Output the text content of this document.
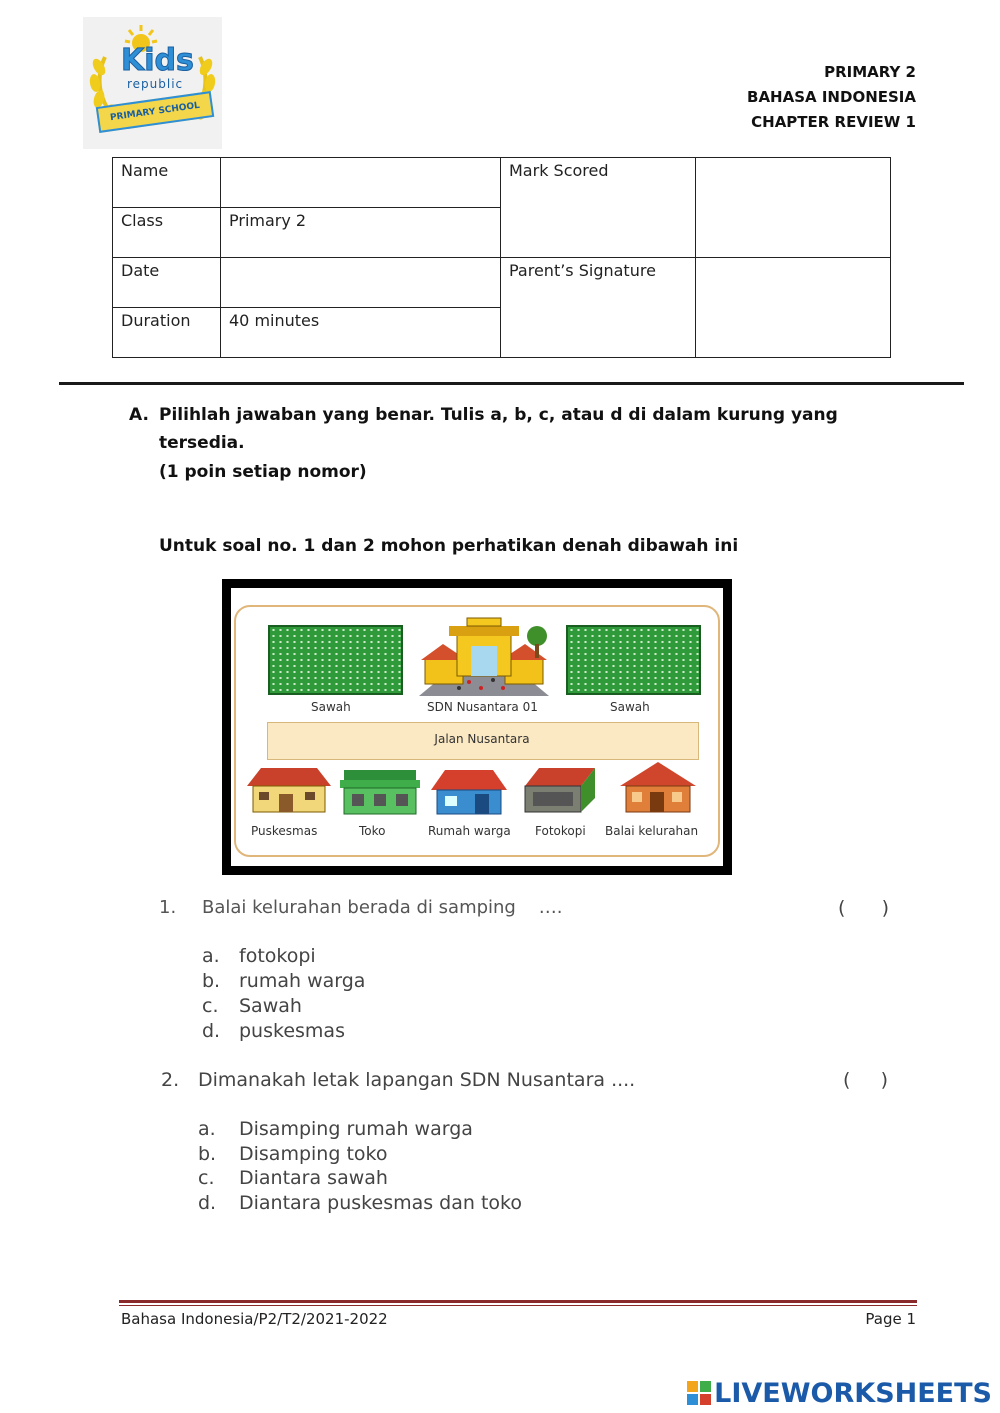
Kids
republic
PRIMARY SCHOOL
PRIMARY 2
BAHASA INDONESIA
CHAPTER REVIEW 1
Name		Mark Scored	
Class	Primary 2		
Date		Parent’s Signature	
Duration	40 minutes		
A. Pilihlah jawaban yang benar. Tulis a, b, c, atau d di dalam kurung yang
tersedia.
(1 poin setiap nomor)
Untuk soal no. 1 dan 2 mohon perhatikan denah dibawah ini
Sawah	SDN Nusantara 01	Sawah
Jalan Nusantara
Puskesmas	Toko	Rumah warga Fotokopi Balai kelurahan
1. Balai kelurahan berada di samping    ….	(      )
a. fotokopi
b. rumah warga
c. Sawah
d. puskesmas
2. Dimanakah letak lapangan SDN Nusantara ....	(     )
a. Disamping rumah warga
b. Disamping toko
c. Diantara sawah
d. Diantara puskesmas dan toko
Bahasa Indonesia/P2/T2/2021-2022	Page 1
LIVEWORKSHEETS
